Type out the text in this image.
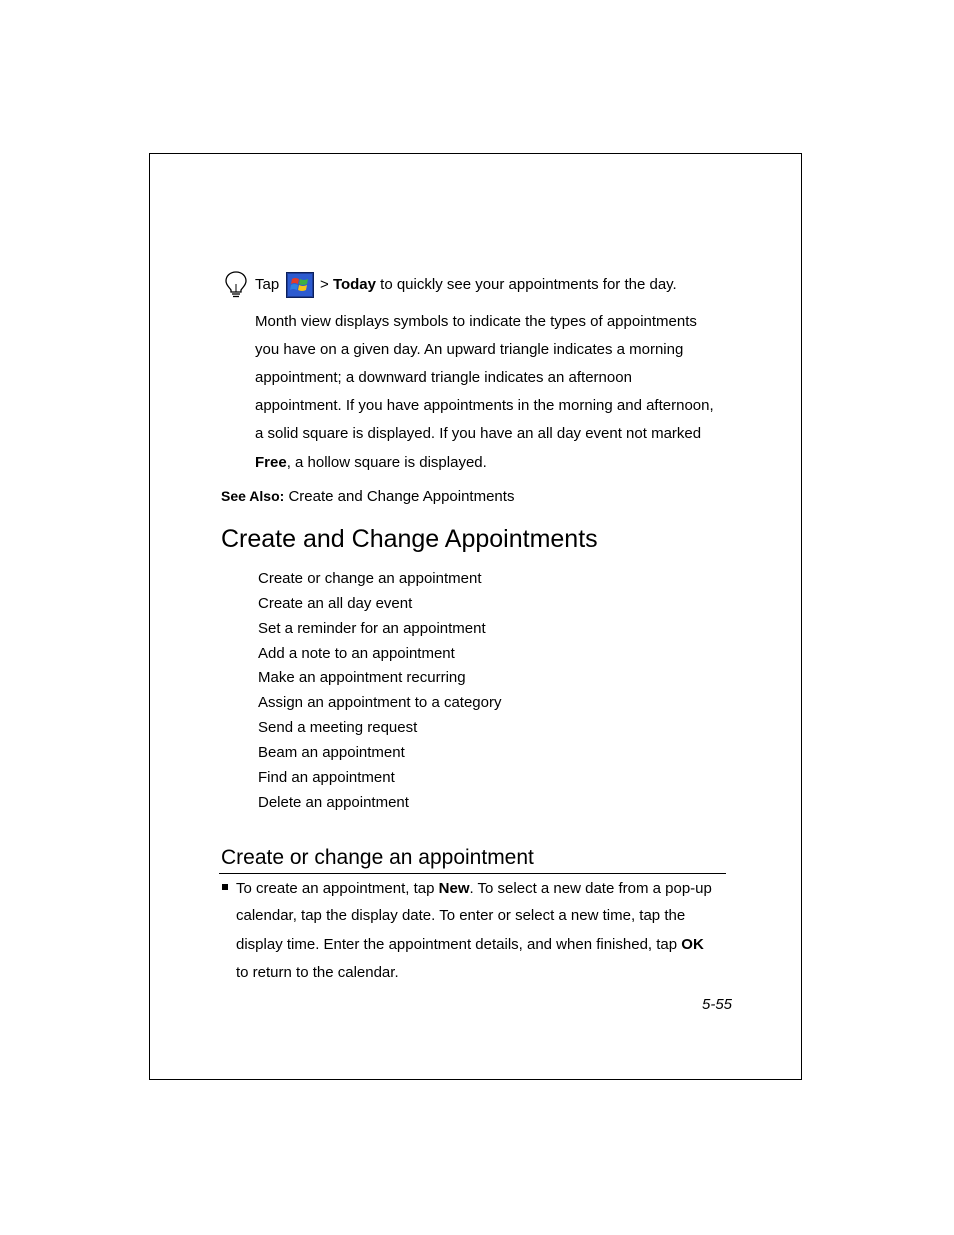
Tap	> Today to quickly see your appointments for the day.
Month view displays symbols to indicate the types of appointments
you have on a given day. An upward triangle indicates a morning
appointment; a downward triangle indicates an afternoon
appointment. If you have appointments in the morning and afternoon,
a solid square is displayed. If you have an all day event not marked
Free, a hollow square is displayed.
See Also: Create and Change Appointments
Create and Change Appointments
Create or change an appointment
Create an all day event
Set a reminder for an appointment
Add a note to an appointment
Make an appointment recurring
Assign an appointment to a category
Send a meeting request
Beam an appointment
Find an appointment
Delete an appointment
Create or change an appointment
To create an appointment, tap New. To select a new date from a pop-up
calendar, tap the display date. To enter or select a new time, tap the
display time. Enter the appointment details, and when finished, tap OK
to return to the calendar.
5-55
